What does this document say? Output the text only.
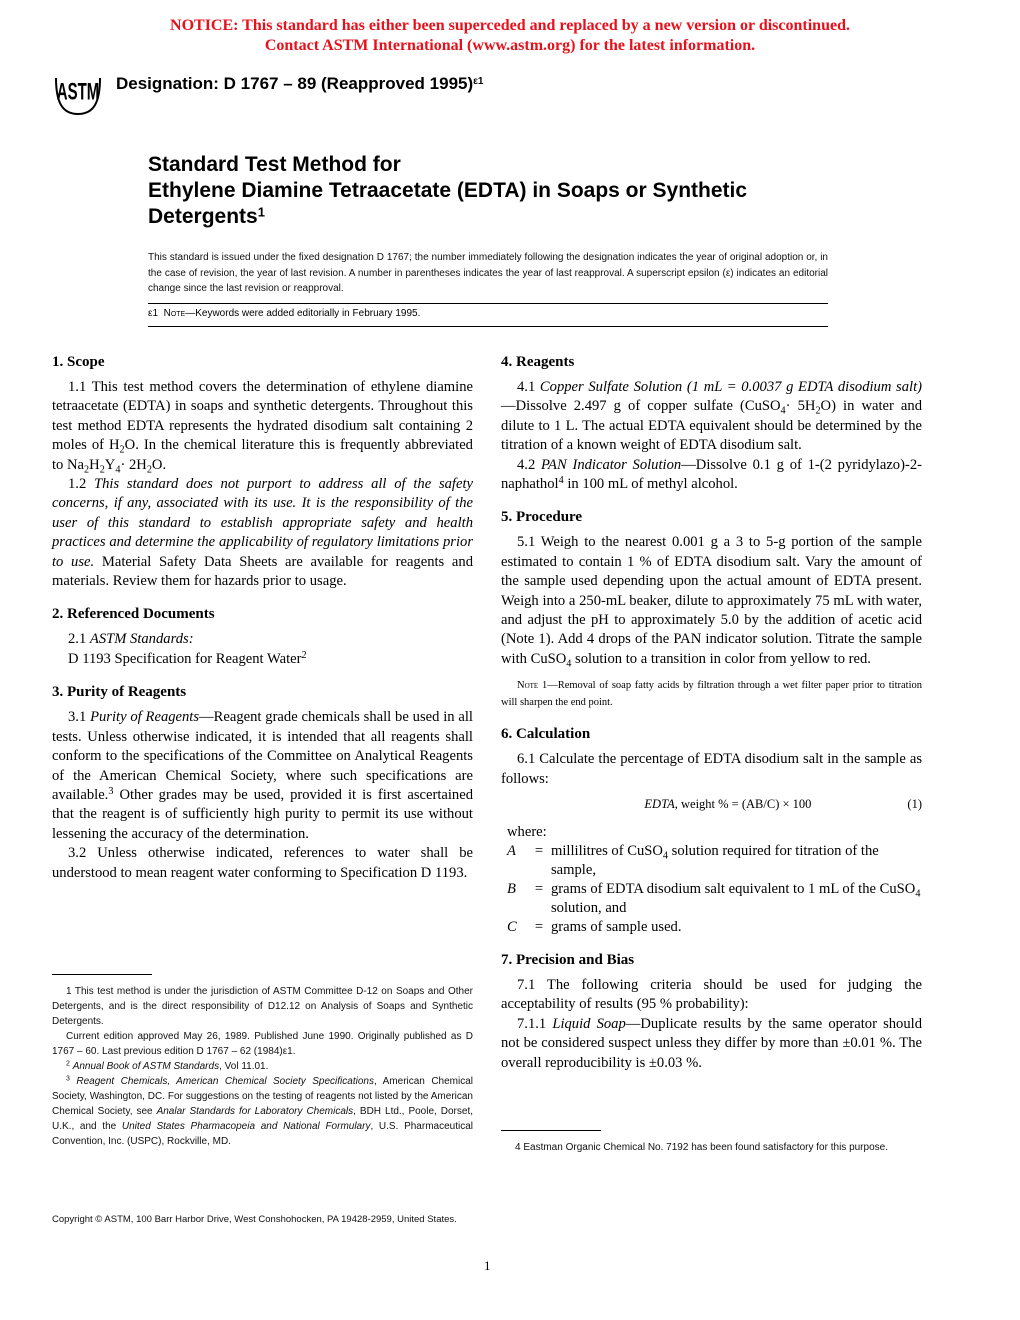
NOTICE: This standard has either been superceded and replaced by a new version or discontinued.
Contact ASTM International (www.astm.org) for the latest information.
ASTM Designation: D 1767 – 89 (Reapproved 1995)$^{\varepsilon 1}$
Standard Test Method for
Ethylene Diamine Tetraacetate (EDTA) in Soaps or Synthetic
Detergents$^1$
This standard is issued under the fixed designation D 1767; the number immediately following the designation indicates the year of original adoption or, in the case of revision, the year of last revision. A number in parentheses indicates the year of last reapproval. A superscript epsilon (ε) indicates an editorial change since the last revision or reapproval.
ε1 Note—Keywords were added editorially in February 1995.
1. Scope

1.1 This test method covers the determination of ethylene diamine tetraacetate (EDTA) in soaps and synthetic detergents. Throughout this test method EDTA represents the hydrated disodium salt containing 2 moles of $H_2O$. In the chemical literature this is frequently abbreviated to $Na_2H_2Y_4\cdot 2H_2O$.

1.2 This standard does not purport to address all of the safety concerns, if any, associated with its use. It is the responsibility of the user of this standard to establish appropriate safety and health practices and determine the applicability of regulatory limitations prior to use. Material Safety Data Sheets are available for reagents and materials. Review them for hazards prior to usage.

2. Referenced Documents

2.1 ASTM Standards:

D 1193 Specification for Reagent Water$^2$

3. Purity of Reagents

3.1 Purity of Reagents—Reagent grade chemicals shall be used in all tests. Unless otherwise indicated, it is intended that all reagents shall conform to the specifications of the Committee on Analytical Reagents of the American Chemical Society, where such specifications are available.$^3$ Other grades may be used, provided it is first ascertained that the reagent is of sufficiently high purity to permit its use without lessening the accuracy of the determination.

3.2 Unless otherwise indicated, references to water shall be understood to mean reagent water conforming to Specification D 1193.

1 This test method is under the jurisdiction of ASTM Committee D-12 on Soaps and Other Detergents, and is the direct responsibility of D12.12 on Analysis of Soaps and Synthetic Detergents.

Current edition approved May 26, 1989. Published June 1990. Originally published as D 1767 – 60. Last previous edition D 1767 – 62 (1984)ε1.

$^2$ Annual Book of ASTM Standards, Vol 11.01.

$^3$ Reagent Chemicals, American Chemical Society Specifications, American Chemical Society, Washington, DC. For suggestions on the testing of reagents not listed by the American Chemical Society, see Analar Standards for Laboratory Chemicals, BDH Ltd., Poole, Dorset, U.K., and the United States Pharmacopeia and National Formulary, U.S. Pharmaceutical Convention, Inc. (USPC), Rockville, MD.

4. Reagents

4.1 Copper Sulfate Solution (1 mL = 0.0037 g EDTA disodium salt)—Dissolve 2.497 g of copper sulfate (CuSO$_4$· $5H_2O$) in water and dilute to 1 L. The actual EDTA equivalent should be determined by the titration of a known weight of EDTA disodium salt.

4.2 PAN Indicator Solution—Dissolve 0.1 g of 1-(2 pyridylazo)-2-naphathol$^4$ in 100 mL of methyl alcohol.

5. Procedure

5.1 Weigh to the nearest 0.001 g a 3 to 5-g portion of the sample estimated to contain 1 % of EDTA disodium salt. Vary the amount of the sample used depending upon the actual amount of EDTA present. Weigh into a 250-mL beaker, dilute to approximately 75 mL with water, and adjust the pH to approximately 5.0 by the addition of acetic acid (Note 1). Add 4 drops of the PAN indicator solution. Titrate the sample with CuSO$_4$ solution to a transition in color from yellow to red.

Note 1—Removal of soap fatty acids by filtration through a wet filter paper prior to titration will sharpen the end point.

6. Calculation

6.1 Calculate the percentage of EDTA disodium salt in the sample as follows:

EDTA, weight % = (AB/C) × 100	(1)

where:
A	= millilitres of CuSO$_4$ solution required for titration of the sample,
B	= grams of EDTA disodium salt equivalent to 1 mL of the CuSO$_4$ solution, and
C	= grams of sample used.
7. Precision and Bias

7.1 The following criteria should be used for judging the acceptability of results (95 % probability):

7.1.1 Liquid Soap—Duplicate results by the same operator should not be considered suspect unless they differ by more than ±0.01 %. The overall reproducibility is ±0.03 %.

4 Eastman Organic Chemical No. 7192 has been found satisfactory for this purpose.

Copyright © ASTM, 100 Barr Harbor Drive, West Conshohocken, PA 19428-2959, United States.
1
